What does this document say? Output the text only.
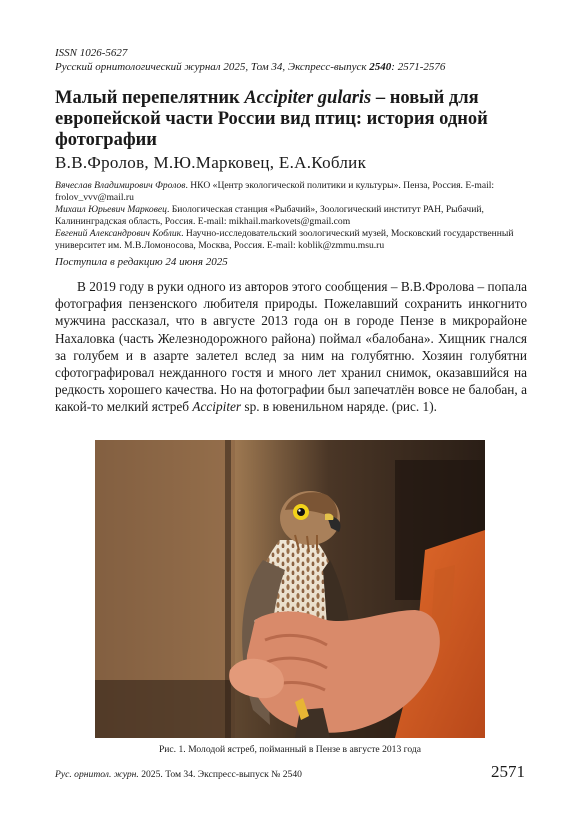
ISSN 1026-5627

Русский орнитологический журнал 2025, Том 34, Экспресс-выпуск 2540: 2571-2576

Малый перепелятник Accipiter gularis – новый для европейской части России вид птиц: история одной фотографии

В.В.Фролов, М.Ю.Марковец, Е.А.Коблик

Вячеслав Владимирович Фролов. НКО «Центр экологической политики и культуры». Пенза, Россия. E-mail: frolov_vvv@mail.ru

Михаил Юрьевич Марковец. Биологическая станция «Рыбачий», Зоологический институт РАН, Рыбачий, Калининградская область, Россия. E-mail: mikhail.markovets@gmail.com

Евгений Александрович Коблик. Научно-исследовательский зоологический музей, Московский государственный университет им. М.В.Ломоносова, Москва, Россия. E-mail: koblik@zmmu.msu.ru

Поступила в редакцию 24 июня 2025

В 2019 году в руки одного из авторов этого сообщения – В.В.Фролова – попала фотография пензенского любителя природы. Пожелавший сохранить инкогнито мужчина рассказал, что в августе 2013 года он в городе Пензе в микрорайоне Нахаловка (часть Железнодорожного района) поймал «балобана». Хищник гнался за голубем и в азарте залетел вслед за ним на голубятню. Хозяин голубятни сфотографировал нежданного гостя и много лет хранил снимок, оказавшийся на редкость хорошего качества. Но на фотографии был запечатлён вовсе не балобан, а какой-то мелкий ястреб Accipiter sp. в ювенильном наряде. (рис. 1).

Рис. 1. Молодой ястреб, пойманный в Пензе в августе 2013 года

Рус. орнитол. журн. 2025. Том 34. Экспресс-выпуск № 2540	2571
